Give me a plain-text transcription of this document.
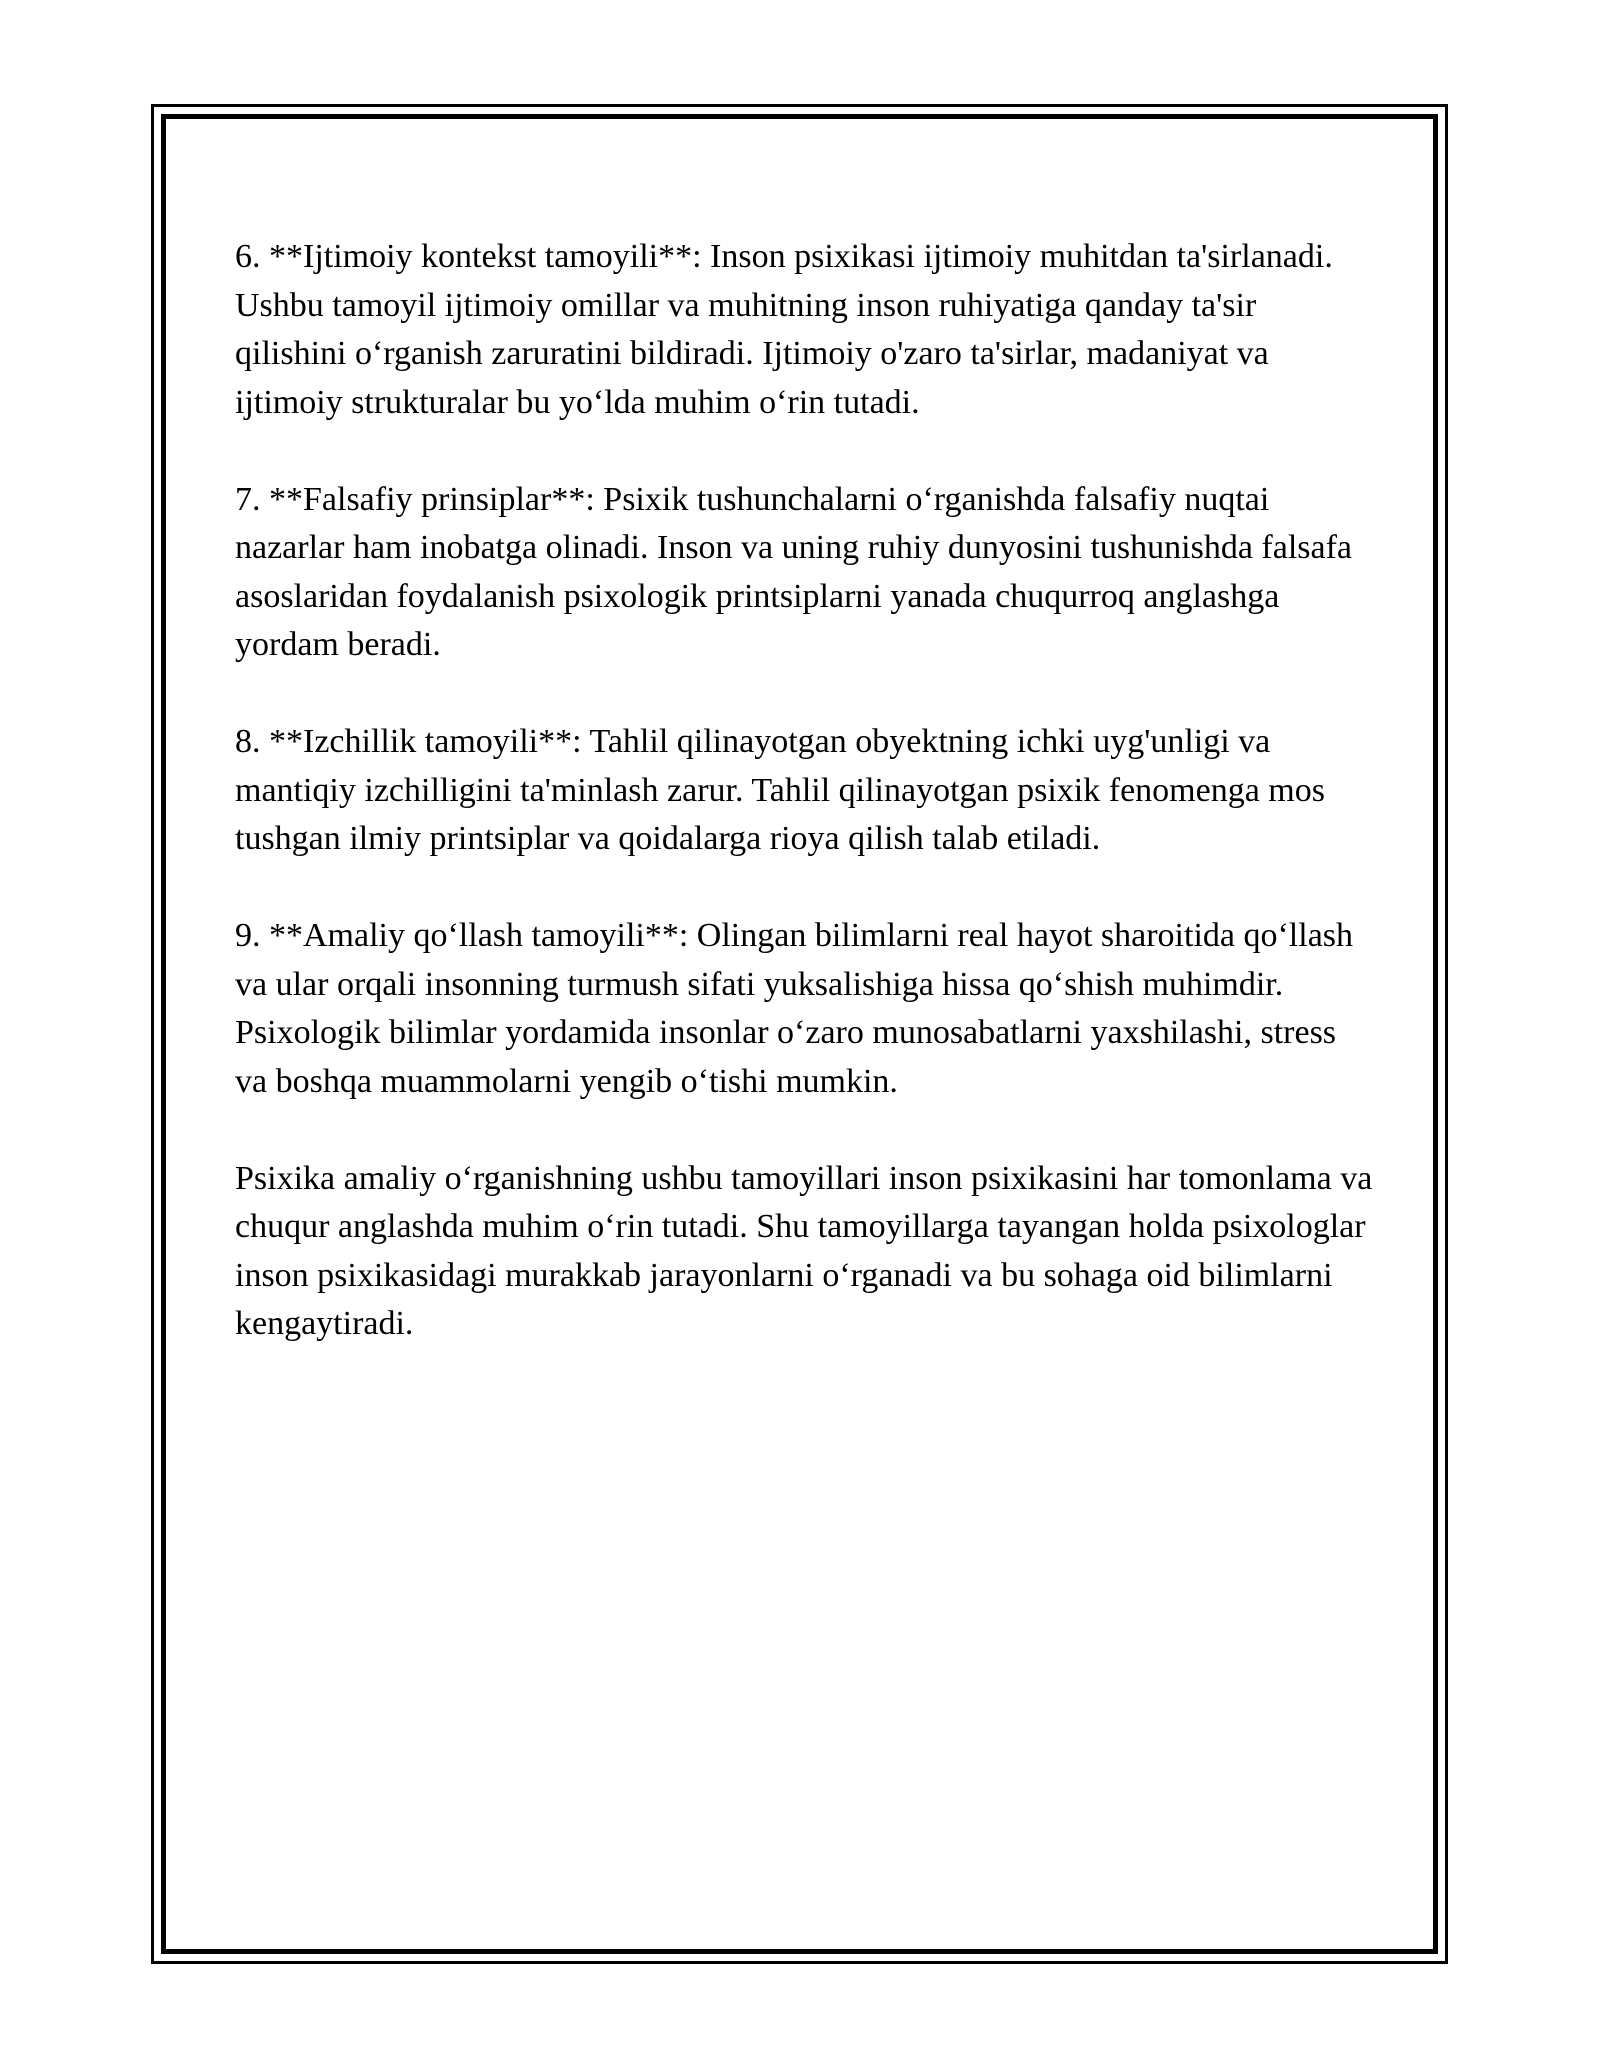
6. **Ijtimoiy kontekst tamoyili**: Inson psixikasi ijtimoiy muhitdan ta'sirlanadi. Ushbu tamoyil ijtimoiy omillar va muhitning inson ruhiyatiga qanday ta'sir qilishini o‘rganish zaruratini bildiradi. Ijtimoiy o'zaro ta'sirlar, madaniyat va ijtimoiy strukturalar bu yo‘lda muhim o‘rin tutadi.

7. **Falsafiy prinsiplar**: Psixik tushunchalarni o‘rganishda falsafiy nuqtai nazarlar ham inobatga olinadi. Inson va uning ruhiy dunyosini tushunishda falsafa asoslaridan foydalanish psixologik printsiplarni yanada chuqurroq anglashga yordam beradi.

8. **Izchillik tamoyili**: Tahlil qilinayotgan obyektning ichki uyg'unligi va mantiqiy izchilligini ta'minlash zarur. Tahlil qilinayotgan psixik fenomenga mos tushgan ilmiy printsiplar va qoidalarga rioya qilish talab etiladi.

9. **Amaliy qo‘llash tamoyili**: Olingan bilimlarni real hayot sharoitida qo‘llash va ular orqali insonning turmush sifati yuksalishiga hissa qo‘shish muhimdir. Psixologik bilimlar yordamida insonlar o‘zaro munosabatlarni yaxshilashi, stress va boshqa muammolarni yengib o‘tishi mumkin.

Psixika amaliy o‘rganishning ushbu tamoyillari inson psixikasini har tomonlama va chuqur anglashda muhim o‘rin tutadi. Shu tamoyillarga tayangan holda psixologlar inson psixikasidagi murakkab jarayonlarni o‘rganadi va bu sohaga oid bilimlarni kengaytiradi.
